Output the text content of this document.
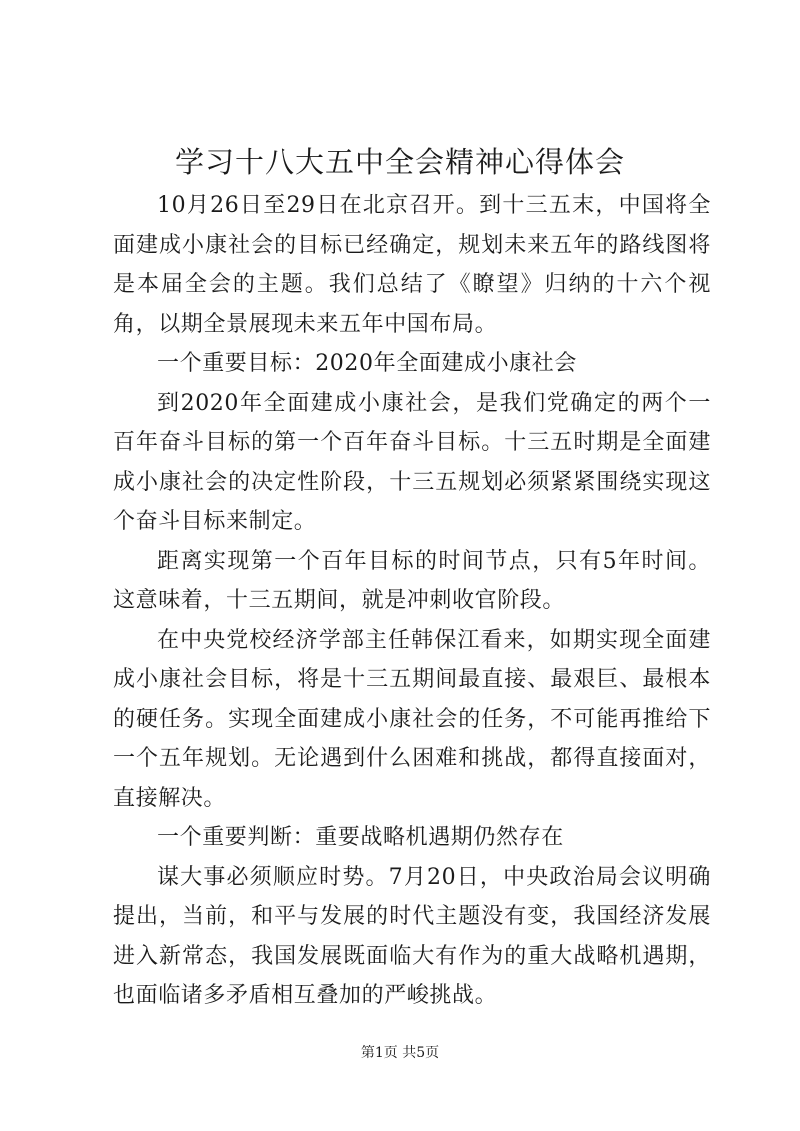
学习十八大五中全会精神心得体会

10月26日至29日在北京召开。到十三五末，中国将全面建成小康社会的目标已经确定，规划未来五年的路线图将是本届全会的主题。我们总结了《瞭望》归纳的十六个视角，以期全景展现未来五年中国布局。

一个重要目标：2020年全面建成小康社会

到2020年全面建成小康社会，是我们党确定的两个一百年奋斗目标的第一个百年奋斗目标。十三五时期是全面建成小康社会的决定性阶段，十三五规划必须紧紧围绕实现这个奋斗目标来制定。

距离实现第一个百年目标的时间节点，只有5年时间。这意味着，十三五期间，就是冲刺收官阶段。

在中央党校经济学部主任韩保江看来，如期实现全面建成小康社会目标，将是十三五期间最直接、最艰巨、最根本的硬任务。实现全面建成小康社会的任务，不可能再推给下一个五年规划。无论遇到什么困难和挑战，都得直接面对，直接解决。

一个重要判断：重要战略机遇期仍然存在

谋大事必须顺应时势。7月20日，中央政治局会议明确提出，当前，和平与发展的时代主题没有变，我国经济发展进入新常态，我国发展既面临大有作为的重大战略机遇期，也面临诸多矛盾相互叠加的严峻挑战。

第1页 共5页
